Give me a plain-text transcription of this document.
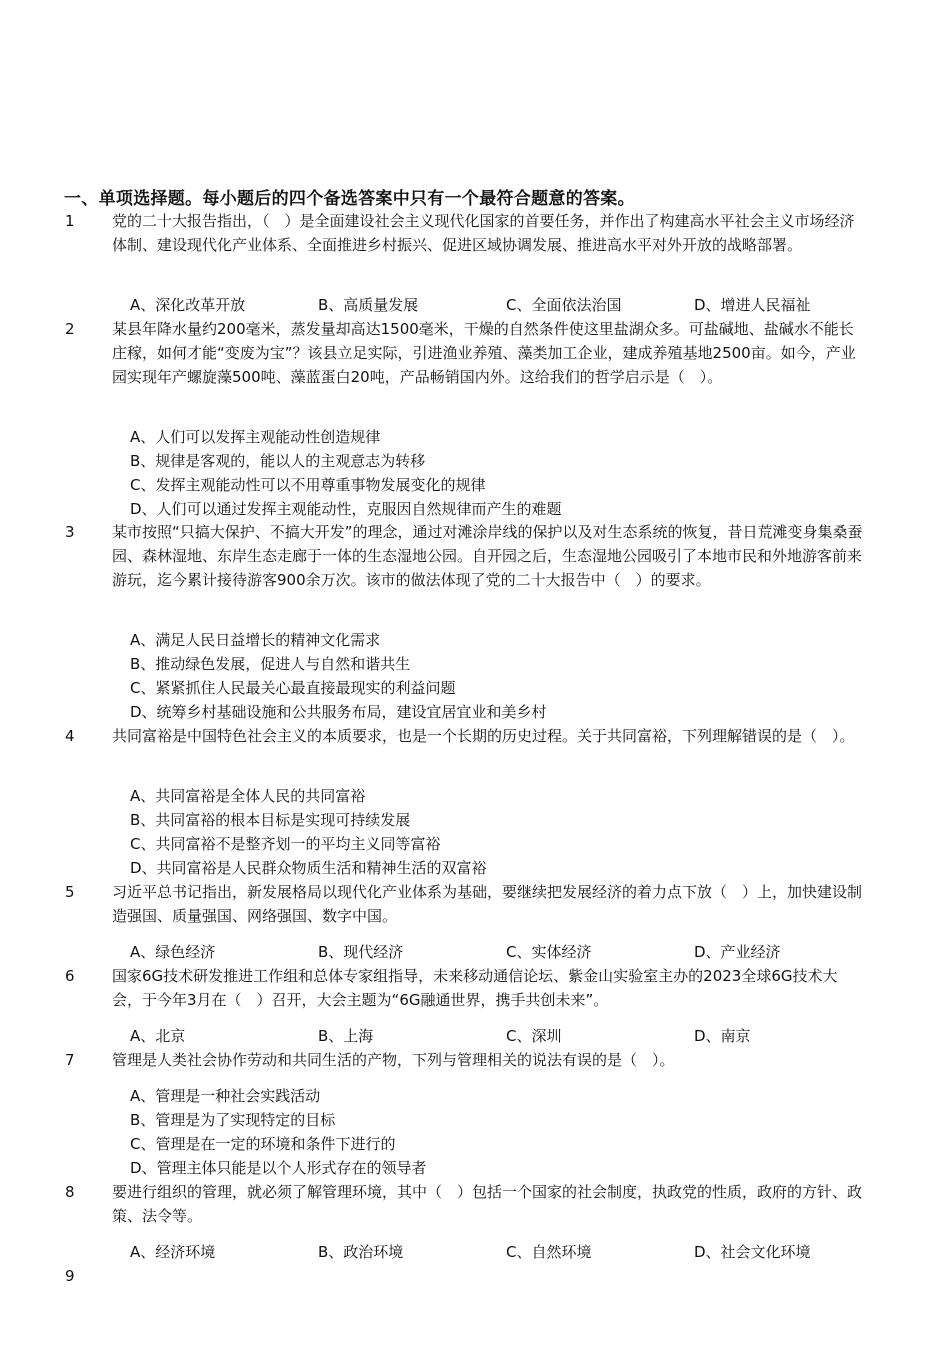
一、单项选择题。每小题后的四个备选答案中只有一个最符合题意的答案。
1 党的二十大报告指出，（　）是全面建设社会主义现代化国家的首要任务，并作出了构建高水平社会主义市场经济体制、建设现代化产业体系、全面推进乡村振兴、促进区域协调发展、推进高水平对外开放的战略部署。

A、深化改革开放	B、高质量发展	C、全面依法治国	D、增进人民福祉
2 某县年降水量约200毫米，蒸发量却高达1500毫米，干燥的自然条件使这里盐湖众多。可盐碱地、盐碱水不能长庄稼，如何才能“变废为宝”？该县立足实际，引进渔业养殖、藻类加工企业，建成养殖基地2500亩。如今，产业园实现年产螺旋藻500吨、藻蓝蛋白20吨，产品畅销国内外。这给我们的哲学启示是（　）。

A、人们可以发挥主观能动性创造规律
B、规律是客观的，能以人的主观意志为转移
C、发挥主观能动性可以不用尊重事物发展变化的规律
D、人们可以通过发挥主观能动性，克服因自然规律而产生的难题
3 某市按照“只搞大保护、不搞大开发”的理念，通过对滩涂岸线的保护以及对生态系统的恢复，昔日荒滩变身集桑蚕园、森林湿地、东岸生态走廊于一体的生态湿地公园。自开园之后，生态湿地公园吸引了本地市民和外地游客前来游玩，迄今累计接待游客900余万次。该市的做法体现了党的二十大报告中（　）的要求。

A、满足人民日益增长的精神文化需求
B、推动绿色发展，促进人与自然和谐共生
C、紧紧抓住人民最关心最直接最现实的利益问题
D、统筹乡村基础设施和公共服务布局，建设宜居宜业和美乡村
4 共同富裕是中国特色社会主义的本质要求，也是一个长期的历史过程。关于共同富裕，下列理解错误的是（　）。

A、共同富裕是全体人民的共同富裕
B、共同富裕的根本目标是实现可持续发展
C、共同富裕不是整齐划一的平均主义同等富裕
D、共同富裕是人民群众物质生活和精神生活的双富裕
5 习近平总书记指出，新发展格局以现代化产业体系为基础，要继续把发展经济的着力点下放（　）上，加快建设制造强国、质量强国、网络强国、数字中国。

A、绿色经济	B、现代经济	C、实体经济	D、产业经济
6 国家6G技术研发推进工作组和总体专家组指导，未来移动通信论坛、紫金山实验室主办的2023全球6G技术大会，于今年3月在（　）召开，大会主题为“6G融通世界，携手共创未来”。

A、北京	B、上海	C、深圳	D、南京
7 管理是人类社会协作劳动和共同生活的产物，下列与管理相关的说法有误的是（　）。

A、管理是一种社会实践活动
B、管理是为了实现特定的目标
C、管理是在一定的环境和条件下进行的
D、管理主体只能是以个人形式存在的领导者
8 要进行组织的管理，就必须了解管理环境，其中（　）包括一个国家的社会制度，执政党的性质，政府的方针、政策、法令等。

A、经济环境	B、政治环境	C、自然环境	D、社会文化环境
9
